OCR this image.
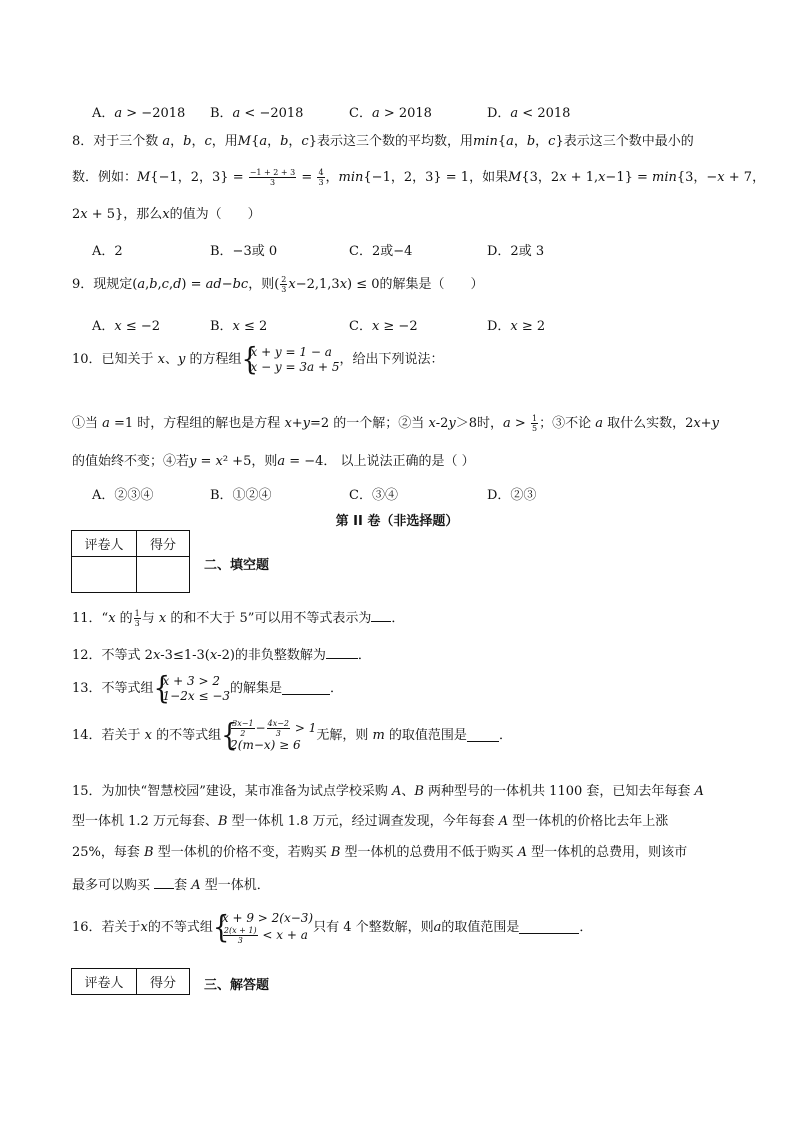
A．𝑎 > −2018 B．𝑎 < −2018	C．𝑎 > 2018	D．𝑎 < 2018
8．对于三个数 𝑎，𝑏，𝑐，用𝑀{𝑎，𝑏，𝑐}表示这三个数的平均数，用𝑚𝑖𝑛{𝑎，𝑏，𝑐}表示这三个数中最小的
数．例如：𝑀{−1，2，$3\} = \frac{-1 + 2 + 3}{3} = \frac{4}{3}$ ，𝑚𝑖𝑛{−1，2，3} = 1，如果𝑀{3，2𝑥 + 1,𝑥−1} = 𝑚𝑖𝑛{3，−𝑥 + 7，
2𝑥 + 5}，那么𝑥的值为（　　）
A．2	B．−3或 0	C．2或−4	D．2或 3
9．现规定(𝑎,𝑏,𝑐,𝑑) = 𝑎𝑑−𝑏𝑐，则( $\frac{2}{3}$ 𝑥−2,1,3𝑥) ≤ 0的解集是（　　）
A．𝑥 ≤ −2	B．𝑥 ≤ 2	C．𝑥 ≥ −2	D．𝑥 ≥ 2
10．已知关于 𝑥、𝑦 的方程组 {
x + y = 1 − a
x − y = 3a + 5 ，给出下列说法：
①当 𝑎 =1 时，方程组的解也是方程 𝑥+𝑦=2 的一个解；②当 𝑥-2𝑦＞8时，𝑎 > $\frac{1}{5}$ ；③不论 𝑎 取什么实数，2𝑥+𝑦
的值始终不变；④若𝑦 = 𝑥² +5，则𝑎 = −4． 以上说法正确的是（ ）
A．②③④	B．①②④	C．③④	D．②③
第 II 卷（非选择题）
评卷人	得分

二、填空题
11．“𝑥 的 $\frac{1}{3}$ 与 𝑥 的和不大于 5”可以用不等式表示为 ．
12．不等式 2𝑥-3≤1-3(𝑥-2)的非负整数解为 ．
13．不等式组 {
𝑥 + 3 > 2
1−2𝑥 ≤ −3 的解集是	．
14．若关于 𝑥 的不等式组 {
$\frac{\text{3𝑥−1}}{2} - \frac{\text{4𝑥−2}}{3} > 1$
2(𝑚−𝑥) ≥ 6
无解，则 𝑚 的取值范围是 ．
15．为加快“智慧校园”建设，某市准备为试点学校采购 𝐴、𝐵 两种型号的一体机共 1100 套，已知去年每套 𝐴
型一体机 1.2 万元每套、𝐵 型一体机 1.8 万元，经过调查发现，今年每套 𝐴 型一体机的价格比去年上涨
25%，每套 𝐵 型一体机的价格不变，若购买 𝐵 型一体机的总费用不低于购买 𝐴 型一体机的总费用，则该市
最多可以购买 套 𝐴 型一体机．
16．若关于𝑥的不等式组 {
𝑥 + 9 > 2(𝑥−3)
$\frac{\text{2(𝑥 + 1)}}{3}$ < 𝑥 + 𝑎 只有 4 个整数解，则𝑎的取值范围是	．
评卷人	得分 三、解答题
